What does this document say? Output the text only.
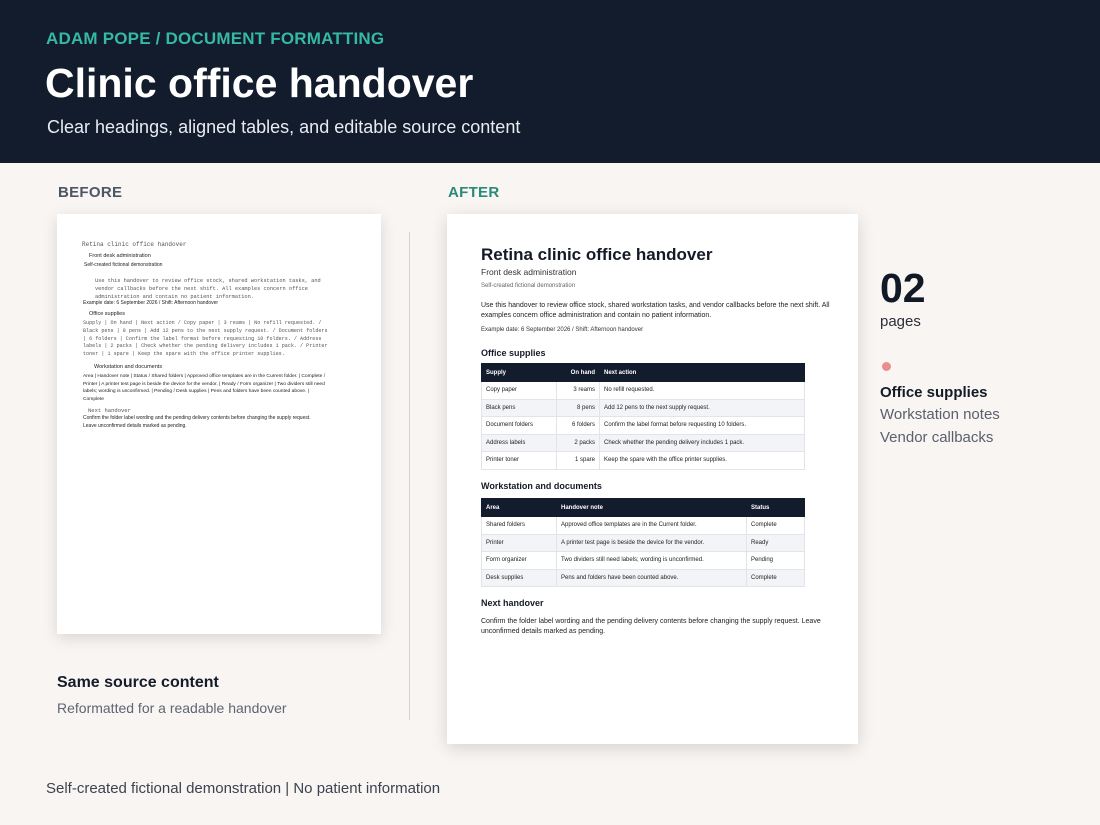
ADAM POPE / DOCUMENT FORMATTING
Clinic office handover
Clear headings, aligned tables, and editable source content
BEFORE	AFTER
Retina clinic office handover
Front desk administration
Self-created fictional demonstration
Use this handover to review office stock, shared workstation tasks, and
vendor callbacks before the next shift. All examples concern office
administration and contain no patient information.
Example date: 6 September 2026 / Shift: Afternoon handover
Office supplies
Supply | On hand | Next action / Copy paper | 3 reams | No refill requested. /
Black pens | 8 pens | Add 12 pens to the next supply request. / Document folders
| 6 folders | Confirm the label format before requesting 10 folders. / Address
labels | 2 packs | Check whether the pending delivery includes 1 pack. / Printer
toner | 1 spare | Keep the spare with the office printer supplies.
Workstation and documents
Area | Handover note | Status / Shared folders | Approved office templates are in the Current folder. | Complete /
Printer | A printer test page is beside the device for the vendor. | Ready / Form organizer | Two dividers still need
labels; wording is unconfirmed. | Pending / Desk supplies | Pens and folders have been counted above. |
Complete
Next handover
Confirm the folder label wording and the pending delivery contents before changing the supply request.
Leave unconfirmed details marked as pending.
Same source content
Reformatted for a readable handover
Retina clinic office handover
Front desk administration
Self-created fictional demonstration
Use this handover to review office stock, shared workstation tasks, and vendor callbacks before the next shift. All examples concern office administration and contain no patient information.
Example date: 6 September 2026 / Shift: Afternoon handover
Office supplies
Supply	On hand	Next action
Copy paper	3 reams	No refill requested.
Black pens	8 pens	Add 12 pens to the next supply request.
Document folders	6 folders	Confirm the label format before requesting 10 folders.
Address labels	2 packs	Check whether the pending delivery includes 1 pack.
Printer toner	1 spare	Keep the spare with the office printer supplies.
Workstation and documents
Area	Handover note	Status
Shared folders	Approved office templates are in the Current folder.	Complete
Printer	A printer test page is beside the device for the vendor.	Ready
Form organizer	Two dividers still need labels; wording is unconfirmed.	Pending
Desk supplies	Pens and folders have been counted above.	Complete
Next handover
Confirm the folder label wording and the pending delivery contents before changing the supply request. Leave unconfirmed details marked as pending.
02
pages
Office supplies
Workstation notes
Vendor callbacks
Self-created fictional demonstration | No patient information
